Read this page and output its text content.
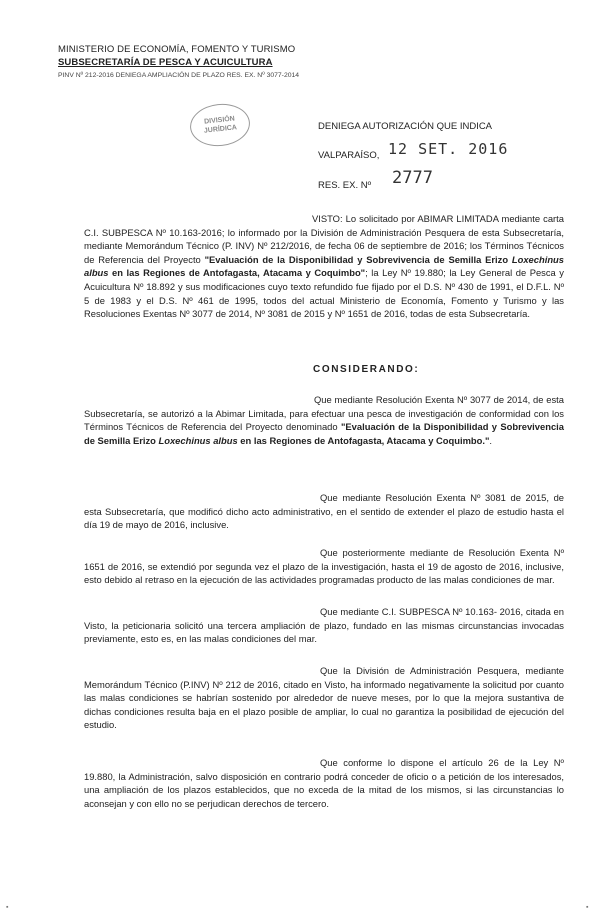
MINISTERIO DE ECONOMÍA, FOMENTO Y TURISMO
SUBSECRETARÍA DE PESCA Y ACUICULTURA
PINV Nº 212-2016 DENIEGA AMPLIACIÓN DE PLAZO RES. EX. Nº 3077-2014
DIVISIÓN
JURÍDICA	DENIEGA AUTORIZACIÓN QUE INDICA
VALPARAÍSO, 12 SET. 2016
RES. EX. Nº 2777
VISTO: Lo solicitado por ABIMAR LIMITADA mediante carta C.I. SUBPESCA Nº 10.163-2016; lo informado por la División de Administración Pesquera de esta Subsecretaría, mediante Memorándum Técnico (P. INV) Nº 212/2016, de fecha 06 de septiembre de 2016; los Términos Técnicos de Referencia del Proyecto "Evaluación de la Disponibilidad y Sobrevivencia de Semilla Erizo Loxechinus albus en las Regiones de Antofagasta, Atacama y Coquimbo"; la Ley Nº 19.880; la Ley General de Pesca y Acuicultura Nº 18.892 y sus modificaciones cuyo texto refundido fue fijado por el D.S. Nº 430 de 1991, el D.F.L. Nº 5 de 1983 y el D.S. Nº 461 de 1995, todos del actual Ministerio de Economía, Fomento y Turismo y las Resoluciones Exentas Nº 3077 de 2014, Nº 3081 de 2015 y Nº 1651 de 2016, todas de esta Subsecretaría.
CONSIDERANDO:
Que mediante Resolución Exenta Nº 3077 de 2014, de esta Subsecretaría, se autorizó a la Abimar Limitada, para efectuar una pesca de investigación de conformidad con los Términos Técnicos de Referencia del Proyecto denominado "Evaluación de la Disponibilidad y Sobrevivencia de Semilla Erizo Loxechinus albus en las Regiones de Antofagasta, Atacama y Coquimbo.".
Que mediante Resolución Exenta Nº 3081 de 2015, de esta Subsecretaría, que modificó dicho acto administrativo, en el sentido de extender el plazo de estudio hasta el día 19 de mayo de 2016, inclusive.
Que posteriormente mediante de Resolución Exenta Nº 1651 de 2016, se extendió por segunda vez el plazo de la investigación, hasta el 19 de agosto de 2016, inclusive, esto debido al retraso en la ejecución de las actividades programadas producto de las malas condiciones de mar.
Que mediante C.I. SUBPESCA Nº 10.163- 2016, citada en Visto, la peticionaria solicitó una tercera ampliación de plazo, fundado en las mismas circunstancias invocadas previamente, esto es, en las malas condiciones del mar.
Que la División de Administración Pesquera, mediante Memorándum Técnico (P.INV) Nº 212 de 2016, citado en Visto, ha informado negativamente la solicitud por cuanto las malas condiciones se habrían sostenido por alrededor de nueve meses, por lo que la mejora sustantiva de dichas condiciones resulta baja en el plazo posible de ampliar, lo cual no garantiza la posibilidad de ejecución del estudio.
Que conforme lo dispone el artículo 26 de la Ley Nº 19.880, la Administración, salvo disposición en contrario podrá conceder de oficio o a petición de los interesados, una ampliación de los plazos establecidos, que no exceda de la mitad de los mismos, si las circunstancias lo aconsejan y con ello no se perjudican derechos de tercero.
▪	▪
